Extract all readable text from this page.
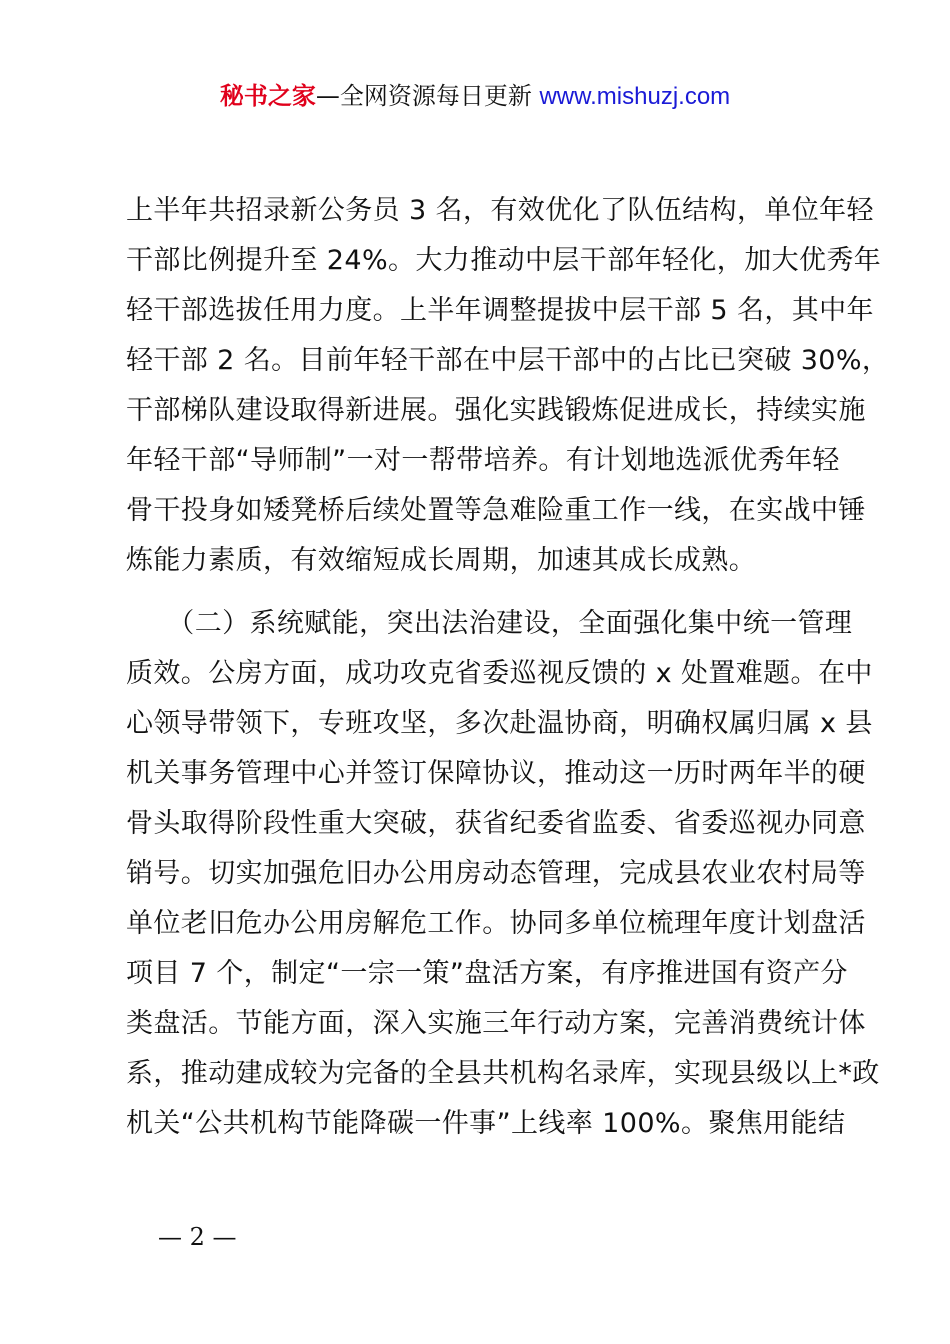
秘书之家—全网资源每日更新 www.mishuzj.com
上半年共招录新公务员 3 名，有效优化了队伍结构，单位年轻
干部比例提升至 24%。大力推动中层干部年轻化，加大优秀年
轻干部选拔任用力度。上半年调整提拔中层干部 5 名，其中年
轻干部 2 名。目前年轻干部在中层干部中的占比已突破 30%，
干部梯队建设取得新进展。强化实践锻炼促进成长，持续实施
年轻干部“导师制”一对一帮带培养。有计划地选派优秀年轻
骨干投身如矮凳桥后续处置等急难险重工作一线，在实战中锤
炼能力素质，有效缩短成长周期，加速其成长成熟。
　　（二）系统赋能，突出法治建设，全面强化集中统一管理
质效。公房方面，成功攻克省委巡视反馈的 x 处置难题。在中
心领导带领下，专班攻坚，多次赴温协商，明确权属归属 x 县
机关事务管理中心并签订保障协议，推动这一历时两年半的硬
骨头取得阶段性重大突破，获省纪委省监委、省委巡视办同意
销号。切实加强危旧办公用房动态管理，完成县农业农村局等
单位老旧危办公用房解危工作。协同多单位梳理年度计划盘活
项目 7 个，制定“一宗一策”盘活方案，有序推进国有资产分
类盘活。节能方面，深入实施三年行动方案，完善消费统计体
系，推动建成较为完备的全县共机构名录库，实现县级以上*政
机关“公共机构节能降碳一件事”上线率 100%。聚焦用能结
— 2 —
